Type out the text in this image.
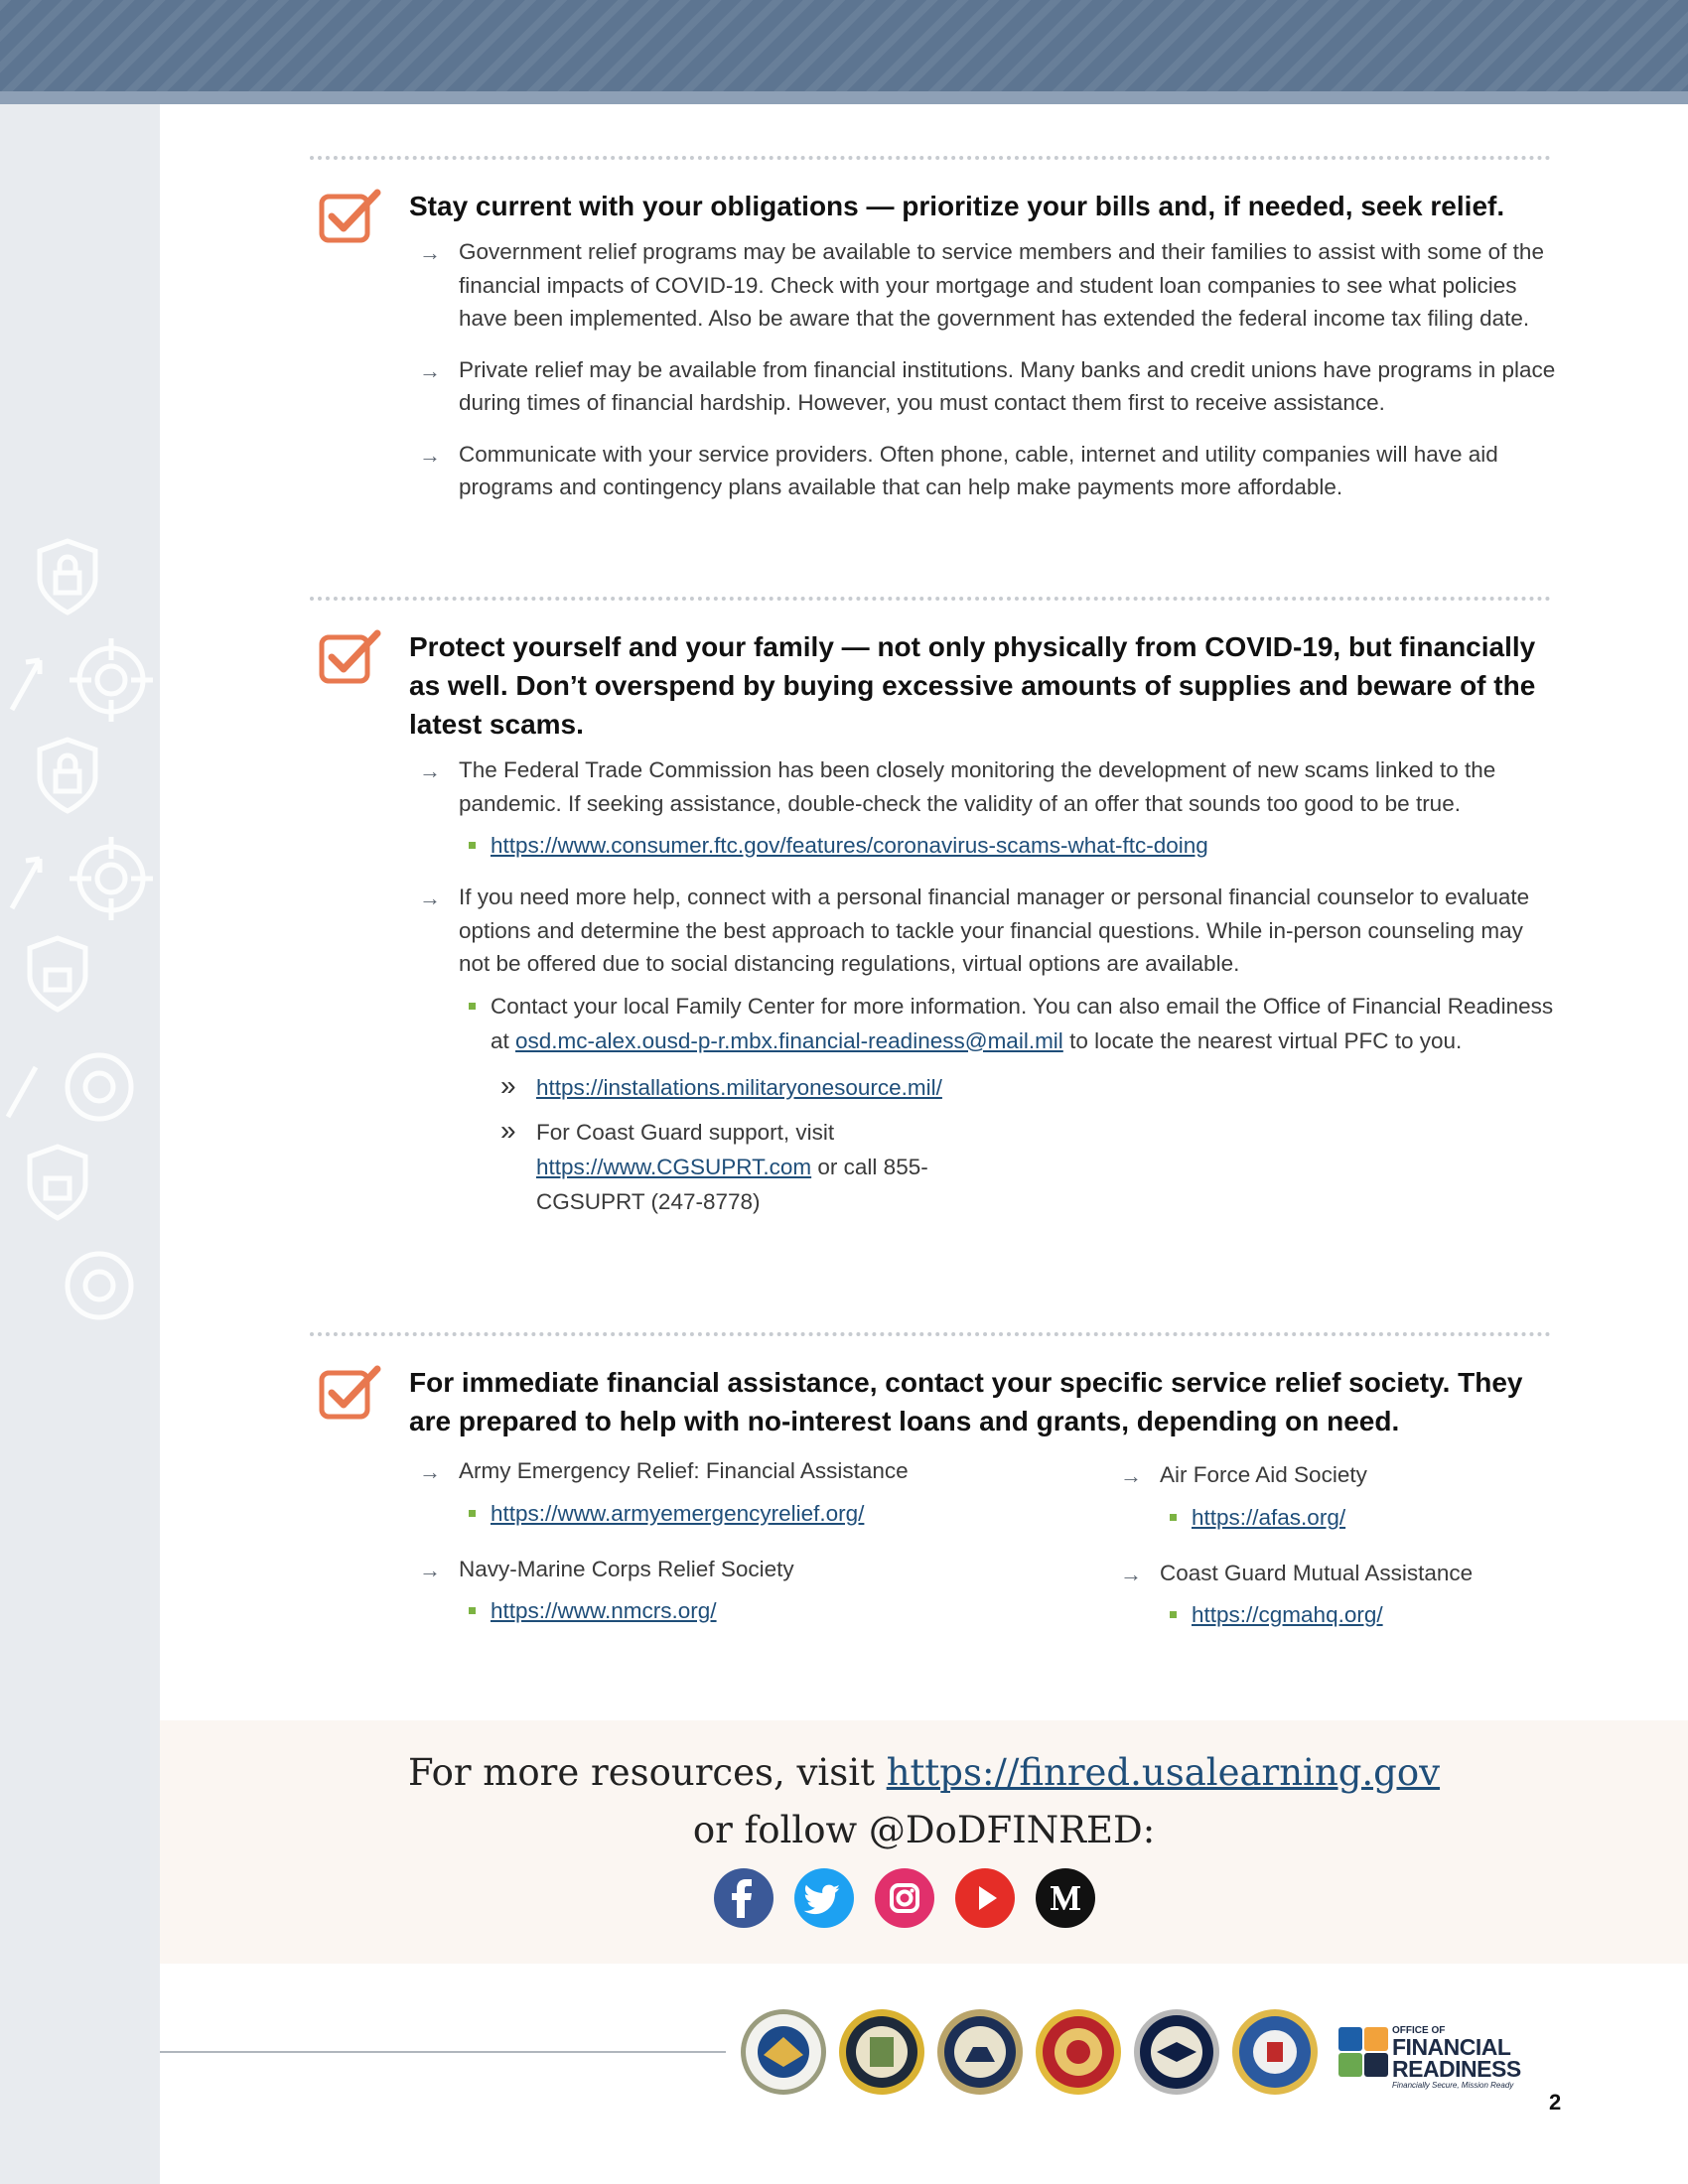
Stay current with your obligations — prioritize your bills and, if needed, seek relief.
→ Government relief programs may be available to service members and their families to assist with some of the financial impacts of COVID-19. Check with your mortgage and student loan companies to see what policies have been implemented. Also be aware that the government has extended the federal income tax filing date.
→ Private relief may be available from financial institutions. Many banks and credit unions have programs in place during times of financial hardship. However, you must contact them first to receive assistance.
→ Communicate with your service providers. Often phone, cable, internet and utility companies will have aid programs and contingency plans available that can help make payments more affordable.
Protect yourself and your family — not only physically from COVID-19, but financially as well. Don’t overspend by buying excessive amounts of supplies and beware of the latest scams.
→ The Federal Trade Commission has been closely monitoring the development of new scams linked to the pandemic. If seeking assistance, double-check the validity of an offer that sounds too good to be true.
https://www.consumer.ftc.gov/features/coronavirus-scams-what-ftc-doing
→ If you need more help, connect with a personal financial manager or personal financial counselor to evaluate options and determine the best approach to tackle your financial questions. While in-person counseling may not be offered due to social distancing regulations, virtual options are available.
Contact your local Family Center for more information. You can also email the Office of Financial Readiness at osd.mc-alex.ousd-p-r.mbx.financial-readiness@mail.mil to locate the nearest virtual PFC to you.
» https://installations.militaryonesource.mil/
» For Coast Guard support, visit https://www.CGSUPRT.com or call 855-CGSUPRT (247-8778)
For immediate financial assistance, contact your specific service relief society. They are prepared to help with no-interest loans and grants, depending on need.
→ Army Emergency Relief: Financial Assistance
https://www.armyemergencyrelief.org/
→ Navy-Marine Corps Relief Society
https://www.nmcrs.org/
→ Air Force Aid Society
https://afas.org/
→ Coast Guard Mutual Assistance
https://cgmahq.org/
For more resources, visit https://finred.usalearning.gov
or follow @DoDFINRED:
OFFICE OF
FINANCIAL
READINESS
Financially Secure, Mission Ready
2
